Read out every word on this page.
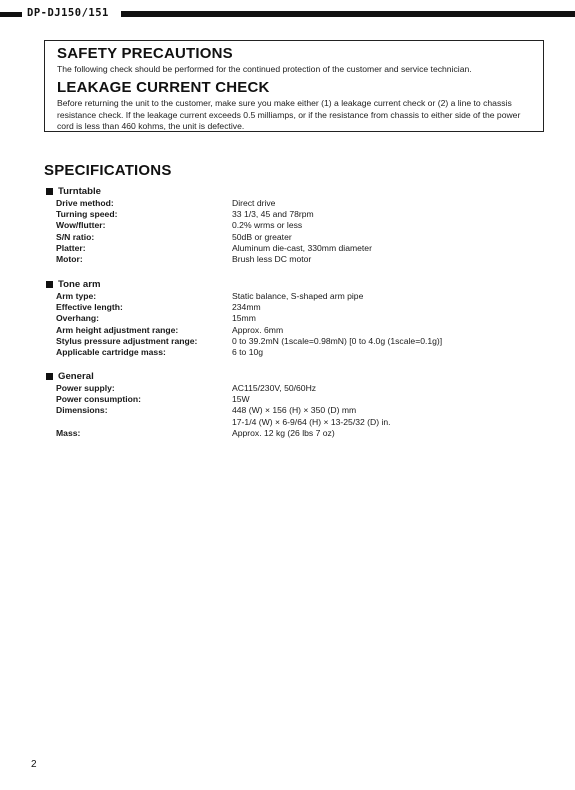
DP-DJ150/151
SAFETY PRECAUTIONS

The following check should be performed for the continued protection of the customer and service technician.

LEAKAGE CURRENT CHECK

Before returning the unit to the customer, make sure you make either (1) a leakage current check or (2) a line to chassis resistance check. If the leakage current exceeds 0.5 milliamps, or if the resistance from chassis to either side of the power cord is less than 460 kohms, the unit is defective.

SPECIFICATIONS
Turntable
Drive method:	Direct drive
Turning speed:	33 1/3, 45 and 78rpm
Wow/flutter:	0.2% wrms or less
S/N ratio:	50dB or greater
Platter:	Aluminum die-cast, 330mm diameter
Motor:	Brush less DC motor
Tone arm
Arm type:	Static balance, S-shaped arm pipe
Effective length:	234mm
Overhang:	15mm
Arm height adjustment range:	Approx. 6mm
Stylus pressure adjustment range:	0 to 39.2mN (1scale=0.98mN) [0 to 4.0g (1scale=0.1g)]
Applicable cartridge mass:	6 to 10g
General
Power supply:	AC115/230V, 50/60Hz
Power consumption:	15W
Dimensions:	448 (W) × 156 (H) × 350 (D) mm
17-1/4 (W) × 6-9/64 (H) × 13-25/32 (D) in.
Mass:	Approx. 12 kg (26 lbs 7 oz)
2
